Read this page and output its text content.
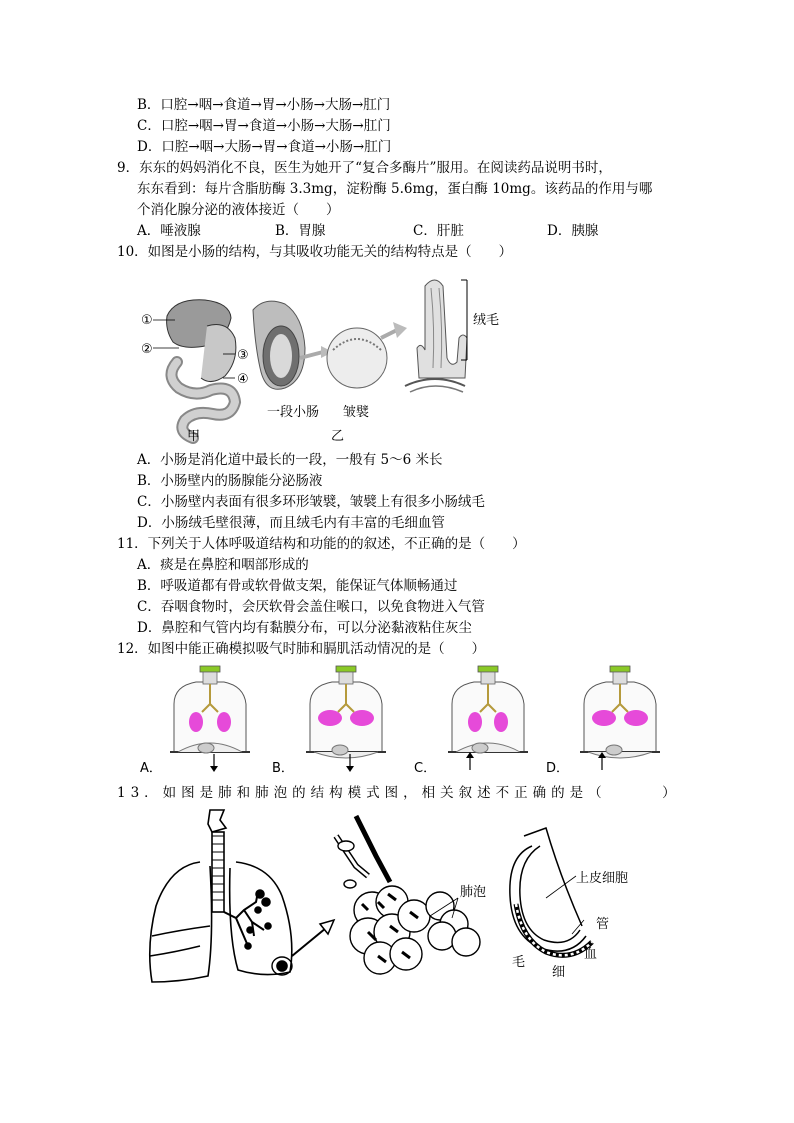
B．口腔→咽→食道→胃→小肠→大肠→肛门
C．口腔→咽→胃→食道→小肠→大肠→肛门
D．口腔→咽→大肠→胃→食道→小肠→肛门
9．东东的妈妈消化不良，医生为她开了“复合多酶片”服用。在阅读药品说明书时，
东东看到：每片含脂肪酶 3.3mg，淀粉酶 5.6mg，蛋白酶 10mg。该药品的作用与哪
个消化腺分泌的液体接近（　　）
A．唾液腺	B．胃腺	C．肝脏	D．胰腺
10．如图是小肠的结构，与其吸收功能无关的结构特点是（　　）
①
②	③
④
甲
绒毛
一段小肠 皱襞
乙
A．小肠是消化道中最长的一段，一般有 5～6 米长
B．小肠壁内的肠腺能分泌肠液
C．小肠壁内表面有很多环形皱襞，皱襞上有很多小肠绒毛
D．小肠绒毛壁很薄，而且绒毛内有丰富的毛细血管
11．下列关于人体呼吸道结构和功能的的叙述，不正确的是（　　）
A．痰是在鼻腔和咽部形成的
B．呼吸道都有骨或软骨做支架，能保证气体顺畅通过
C．吞咽食物时，会厌软骨会盖住喉口，以免食物进入气管
D．鼻腔和气管内均有黏膜分布，可以分泌黏液粘住灰尘
12．如图中能正确模拟吸气时肺和膈肌活动情况的是（　　）
A．	B．	C．	D．
13．如图是肺和肺泡的结构模式图，相关叙述不正确的是（　　　）
肺泡
上皮细胞
毛
细
血
管
